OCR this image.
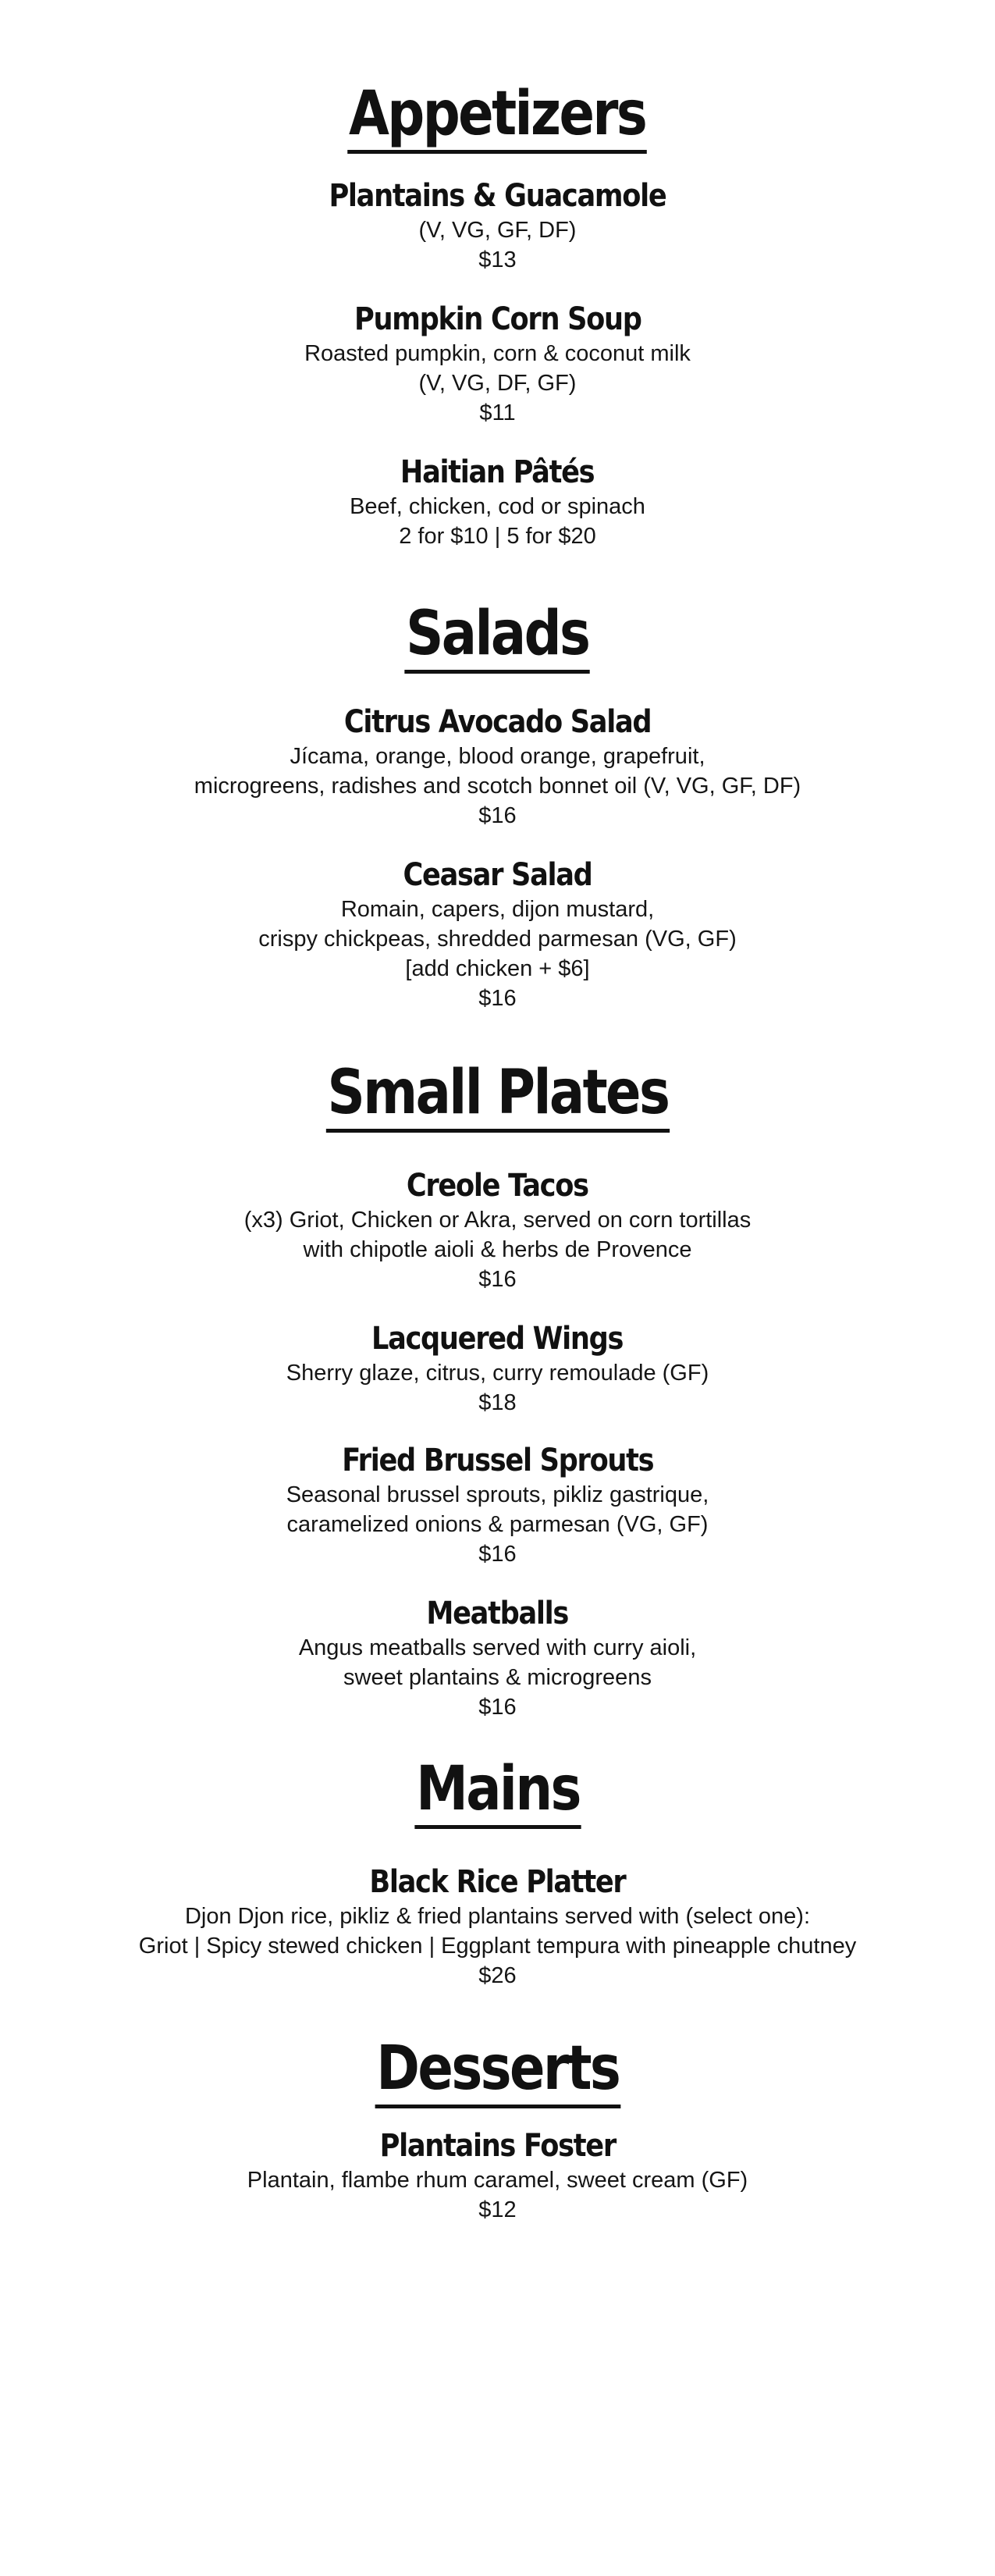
Appetizers
Plantains & Guacamole

(V, VG, GF, DF)

$13

Pumpkin Corn Soup

Roasted pumpkin, corn & coconut milk

(V, VG, DF, GF)

$11

Haitian Pâtés

Beef, chicken, cod or spinach

2 for $10 | 5 for $20

Salads
Citrus Avocado Salad

Jícama, orange, blood orange, grapefruit,

microgreens, radishes and scotch bonnet oil (V, VG, GF, DF)

$16

Ceasar Salad

Romain, capers, dijon mustard,

crispy chickpeas, shredded parmesan (VG, GF)

[add chicken + $6]

$16

Small Plates
Creole Tacos

(x3) Griot, Chicken or Akra, served on corn tortillas

with chipotle aioli & herbs de Provence

$16

Lacquered Wings

Sherry glaze, citrus, curry remoulade (GF)

$18

Fried Brussel Sprouts

Seasonal brussel sprouts, pikliz gastrique,

caramelized onions & parmesan (VG, GF)

$16

Meatballs

Angus meatballs served with curry aioli,

sweet plantains & microgreens

$16

Mains
Black Rice Platter

Djon Djon rice, pikliz & fried plantains served with (select one):

Griot | Spicy stewed chicken | Eggplant tempura with pineapple chutney

$26

Desserts
Plantains Foster

Plantain, flambe rhum caramel, sweet cream (GF)

$12
